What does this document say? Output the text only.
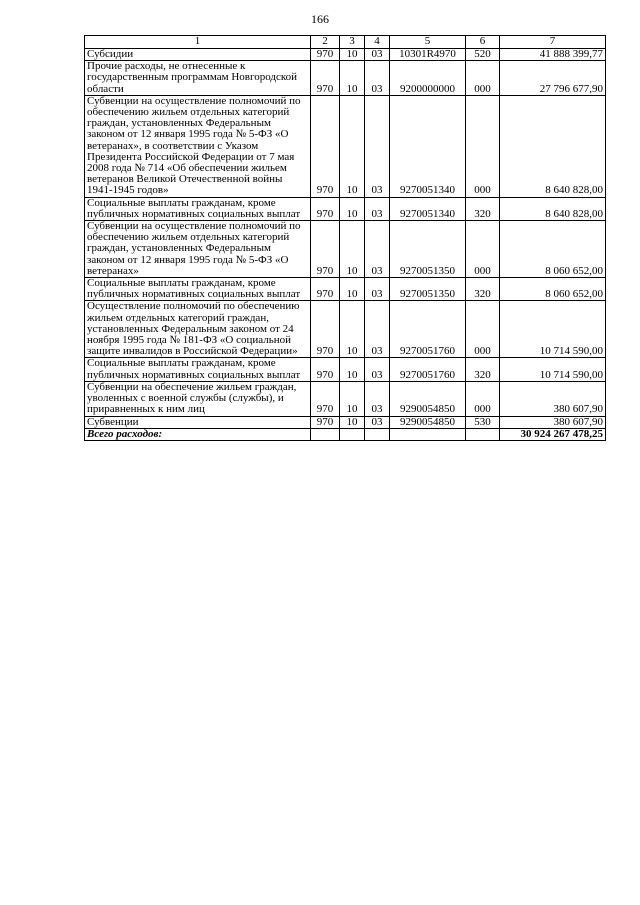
166
1	2	3	4	5	6	7
Субсидии	970	10	03	10301R4970	520	41 888 399,77
Прочие расходы, не отнесенные к государственным программам Новгородской области	970	10	03	9200000000	000	27 796 677,90
Субвенции на осуществление полномочий по обеспечению жильем отдельных категорий граждан, установленных Федеральным законом от 12 января 1995 года № 5-ФЗ «О ветеранах», в соответствии с Указом Президента Российской Федерации от 7 мая 2008 года № 714 «Об обеспечении жильем ветеранов Великой Отечественной войны 1941-1945 годов»	970	10	03	9270051340	000	8 640 828,00
Социальные выплаты гражданам, кроме публичных нормативных социальных выплат	970	10	03	9270051340	320	8 640 828,00
Субвенции на осуществление полномочий по обеспечению жильем отдельных категорий граждан, установленных Федеральным законом от 12 января 1995 года № 5-ФЗ «О ветеранах»	970	10	03	9270051350	000	8 060 652,00
Социальные выплаты гражданам, кроме публичных нормативных социальных выплат	970	10	03	9270051350	320	8 060 652,00
Осуществление полномочий по обеспечению жильем отдельных категорий граждан, установленных Федеральным законом от 24 ноября 1995 года № 181-ФЗ «О социальной защите инвалидов в Российской Федерации»	970	10	03	9270051760	000	10 714 590,00
Социальные выплаты гражданам, кроме публичных нормативных социальных выплат	970	10	03	9270051760	320	10 714 590,00
Субвенции на обеспечение жильем граждан, уволенных с военной службы (службы), и приравненных к ним лиц	970	10	03	9290054850	000	380 607,90
Субвенции	970	10	03	9290054850	530	380 607,90
Всего расходов:						30 924 267 478,25
